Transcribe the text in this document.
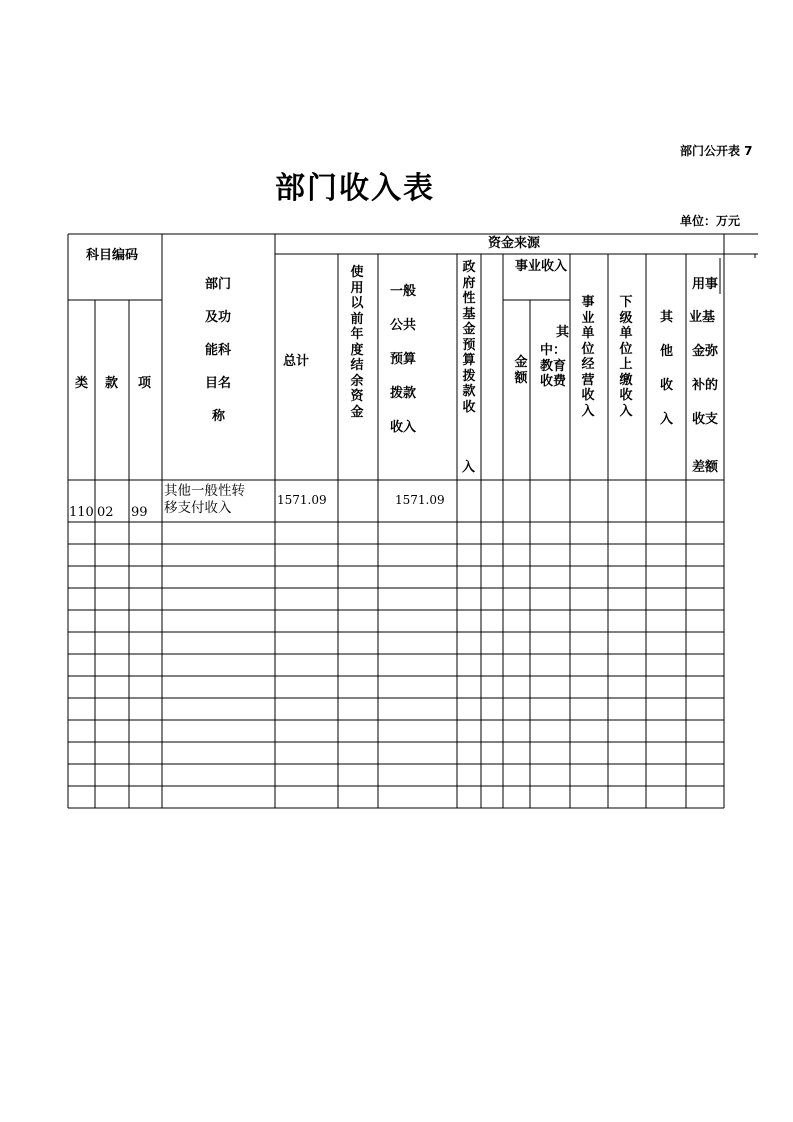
部门公开表 7
部门收入表
单位：万元
科目编码
类 款 项
部门
及功
能科
目名
称
资金来源
总计
使用以前年度结余资金
一般
公共
预算
拨款
收入
政府性基金预算拨款收
入
事业收入
金额
其
中：教育收费
事业单位经营收入
下级单位上缴收入
其
他
收
入
用事
业基
金弥
补的
收支
差额
110 02 99
其他一般性转
移支付收入	1571.09	1571.09
